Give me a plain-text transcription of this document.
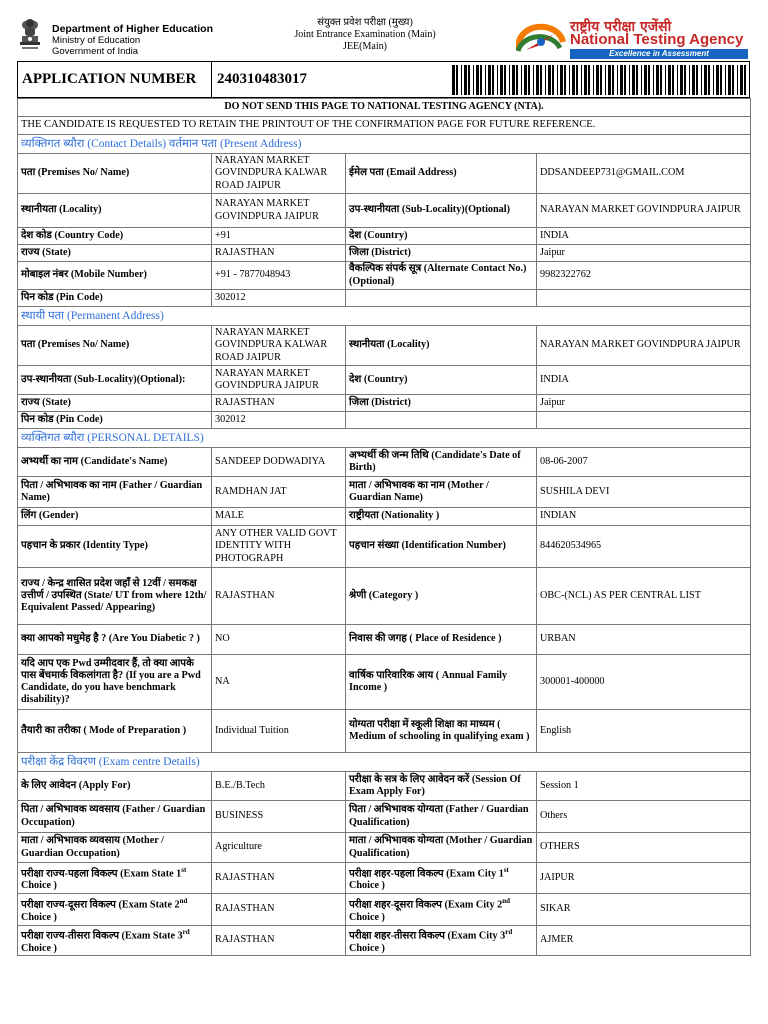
Department of Higher Education
Ministry of Education
Government of India
संयुक्त प्रवेश परीक्षा (मुख्य)
Joint Entrance Examination (Main)
JEE(Main)
राष्ट्रीय परीक्षा एजेंसी
National Testing Agency
Excellence in Assessment
APPLICATION NUMBER 240310483017
DO NOT SEND THIS PAGE TO NATIONAL TESTING AGENCY (NTA).			
THE CANDIDATE IS REQUESTED TO RETAIN THE PRINTOUT OF THE CONFIRMATION PAGE FOR FUTURE REFERENCE.			
व्यक्तिगत ब्यौरा (Contact Details) वर्तमान पता (Present Address)			
पता (Premises No/ Name)	NARAYAN MARKET GOVINDPURA KALWAR ROAD JAIPUR	ईमेल पता (Email Address)	DDSANDEEP731@GMAIL.COM
स्थानीयता (Locality)	NARAYAN MARKET GOVINDPURA JAIPUR	उप-स्थानीयता (Sub-Locality)(Optional)	NARAYAN MARKET GOVINDPURA JAIPUR
देश कोड (Country Code)	+91	देश (Country)	INDIA
राज्य (State)	RAJASTHAN	जिला (District)	Jaipur
मोबाइल नंबर (Mobile Number)	+91 - 7877048943	वैकल्पिक संपर्क सूत्र (Alternate Contact No.) (Optional)	9982322762
पिन कोड (Pin Code)	302012		
स्थायी पता (Permanent Address)			
पता (Premises No/ Name)	NARAYAN MARKET GOVINDPURA KALWAR ROAD JAIPUR	स्थानीयता (Locality)	NARAYAN MARKET GOVINDPURA JAIPUR
उप-स्थानीयता (Sub-Locality)(Optional):	NARAYAN MARKET GOVINDPURA JAIPUR	देश (Country)	INDIA
राज्य (State)	RAJASTHAN	जिला (District)	Jaipur
पिन कोड (Pin Code)	302012		
व्यक्तिगत ब्यौरा (PERSONAL DETAILS)			
अभ्यर्थी का नाम (Candidate's Name)	SANDEEP DODWADIYA	अभ्यर्थी की जन्म तिथि (Candidate's Date of Birth)	08-06-2007
पिता / अभिभावक का नाम (Father / Guardian Name)	RAMDHAN JAT	माता / अभिभावक का नाम (Mother / Guardian Name)	SUSHILA DEVI
लिंग (Gender)	MALE	राष्ट्रीयता (Nationality )	INDIAN
पहचान के प्रकार (Identity Type)	ANY OTHER VALID GOVT IDENTITY WITH PHOTOGRAPH	पहचान संख्या (Identification Number)	844620534965
राज्य / केन्द्र शासित प्रदेश जहाँ से 12वीं / समकक्ष उत्तीर्ण / उपस्थित (State/ UT from where 12th/ Equivalent Passed/ Appearing)	RAJASTHAN	श्रेणी (Category )	OBC-(NCL) AS PER CENTRAL LIST
क्या आपको मधुमेह है ? (Are You Diabetic ? )	NO	निवास की जगह ( Place of Residence )	URBAN
यदि आप एक Pwd उम्मीदवार हैं, तो क्या आपके पास बेंचमार्क विकलांगता है? (If you are a Pwd Candidate, do you have benchmark disability)?	NA	वार्षिक पारिवारिक आय ( Annual Family Income )	300001-400000
तैयारी का तरीका ( Mode of Preparation )	Individual Tuition	योग्यता परीक्षा में स्कूली शिक्षा का माध्यम ( Medium of schooling in qualifying exam )	English
परीक्षा केंद्र विवरण (Exam centre Details)			
के लिए आवेदन (Apply For)	B.E./B.Tech	परीक्षा के सत्र के लिए आवेदन करें (Session Of Exam Apply For)	Session 1
पिता / अभिभावक व्यवसाय (Father / Guardian Occupation)	BUSINESS	पिता / अभिभावक योग्यता (Father / Guardian Qualification)	Others
माता / अभिभावक व्यवसाय (Mother / Guardian Occupation)	Agriculture	माता / अभिभावक योग्यता (Mother / Guardian Qualification)	OTHERS
परीक्षा राज्य-पहला विकल्प (Exam State 1st Choice )	RAJASTHAN	परीक्षा शहर-पहला विकल्प (Exam City 1st Choice )	JAIPUR
परीक्षा राज्य-दूसरा विकल्प (Exam State 2nd Choice )	RAJASTHAN	परीक्षा शहर-दूसरा विकल्प (Exam City 2nd Choice )	SIKAR
परीक्षा राज्य-तीसरा विकल्प (Exam State 3rd Choice )	RAJASTHAN	परीक्षा शहर-तीसरा विकल्प (Exam City 3rd Choice )	AJMER
